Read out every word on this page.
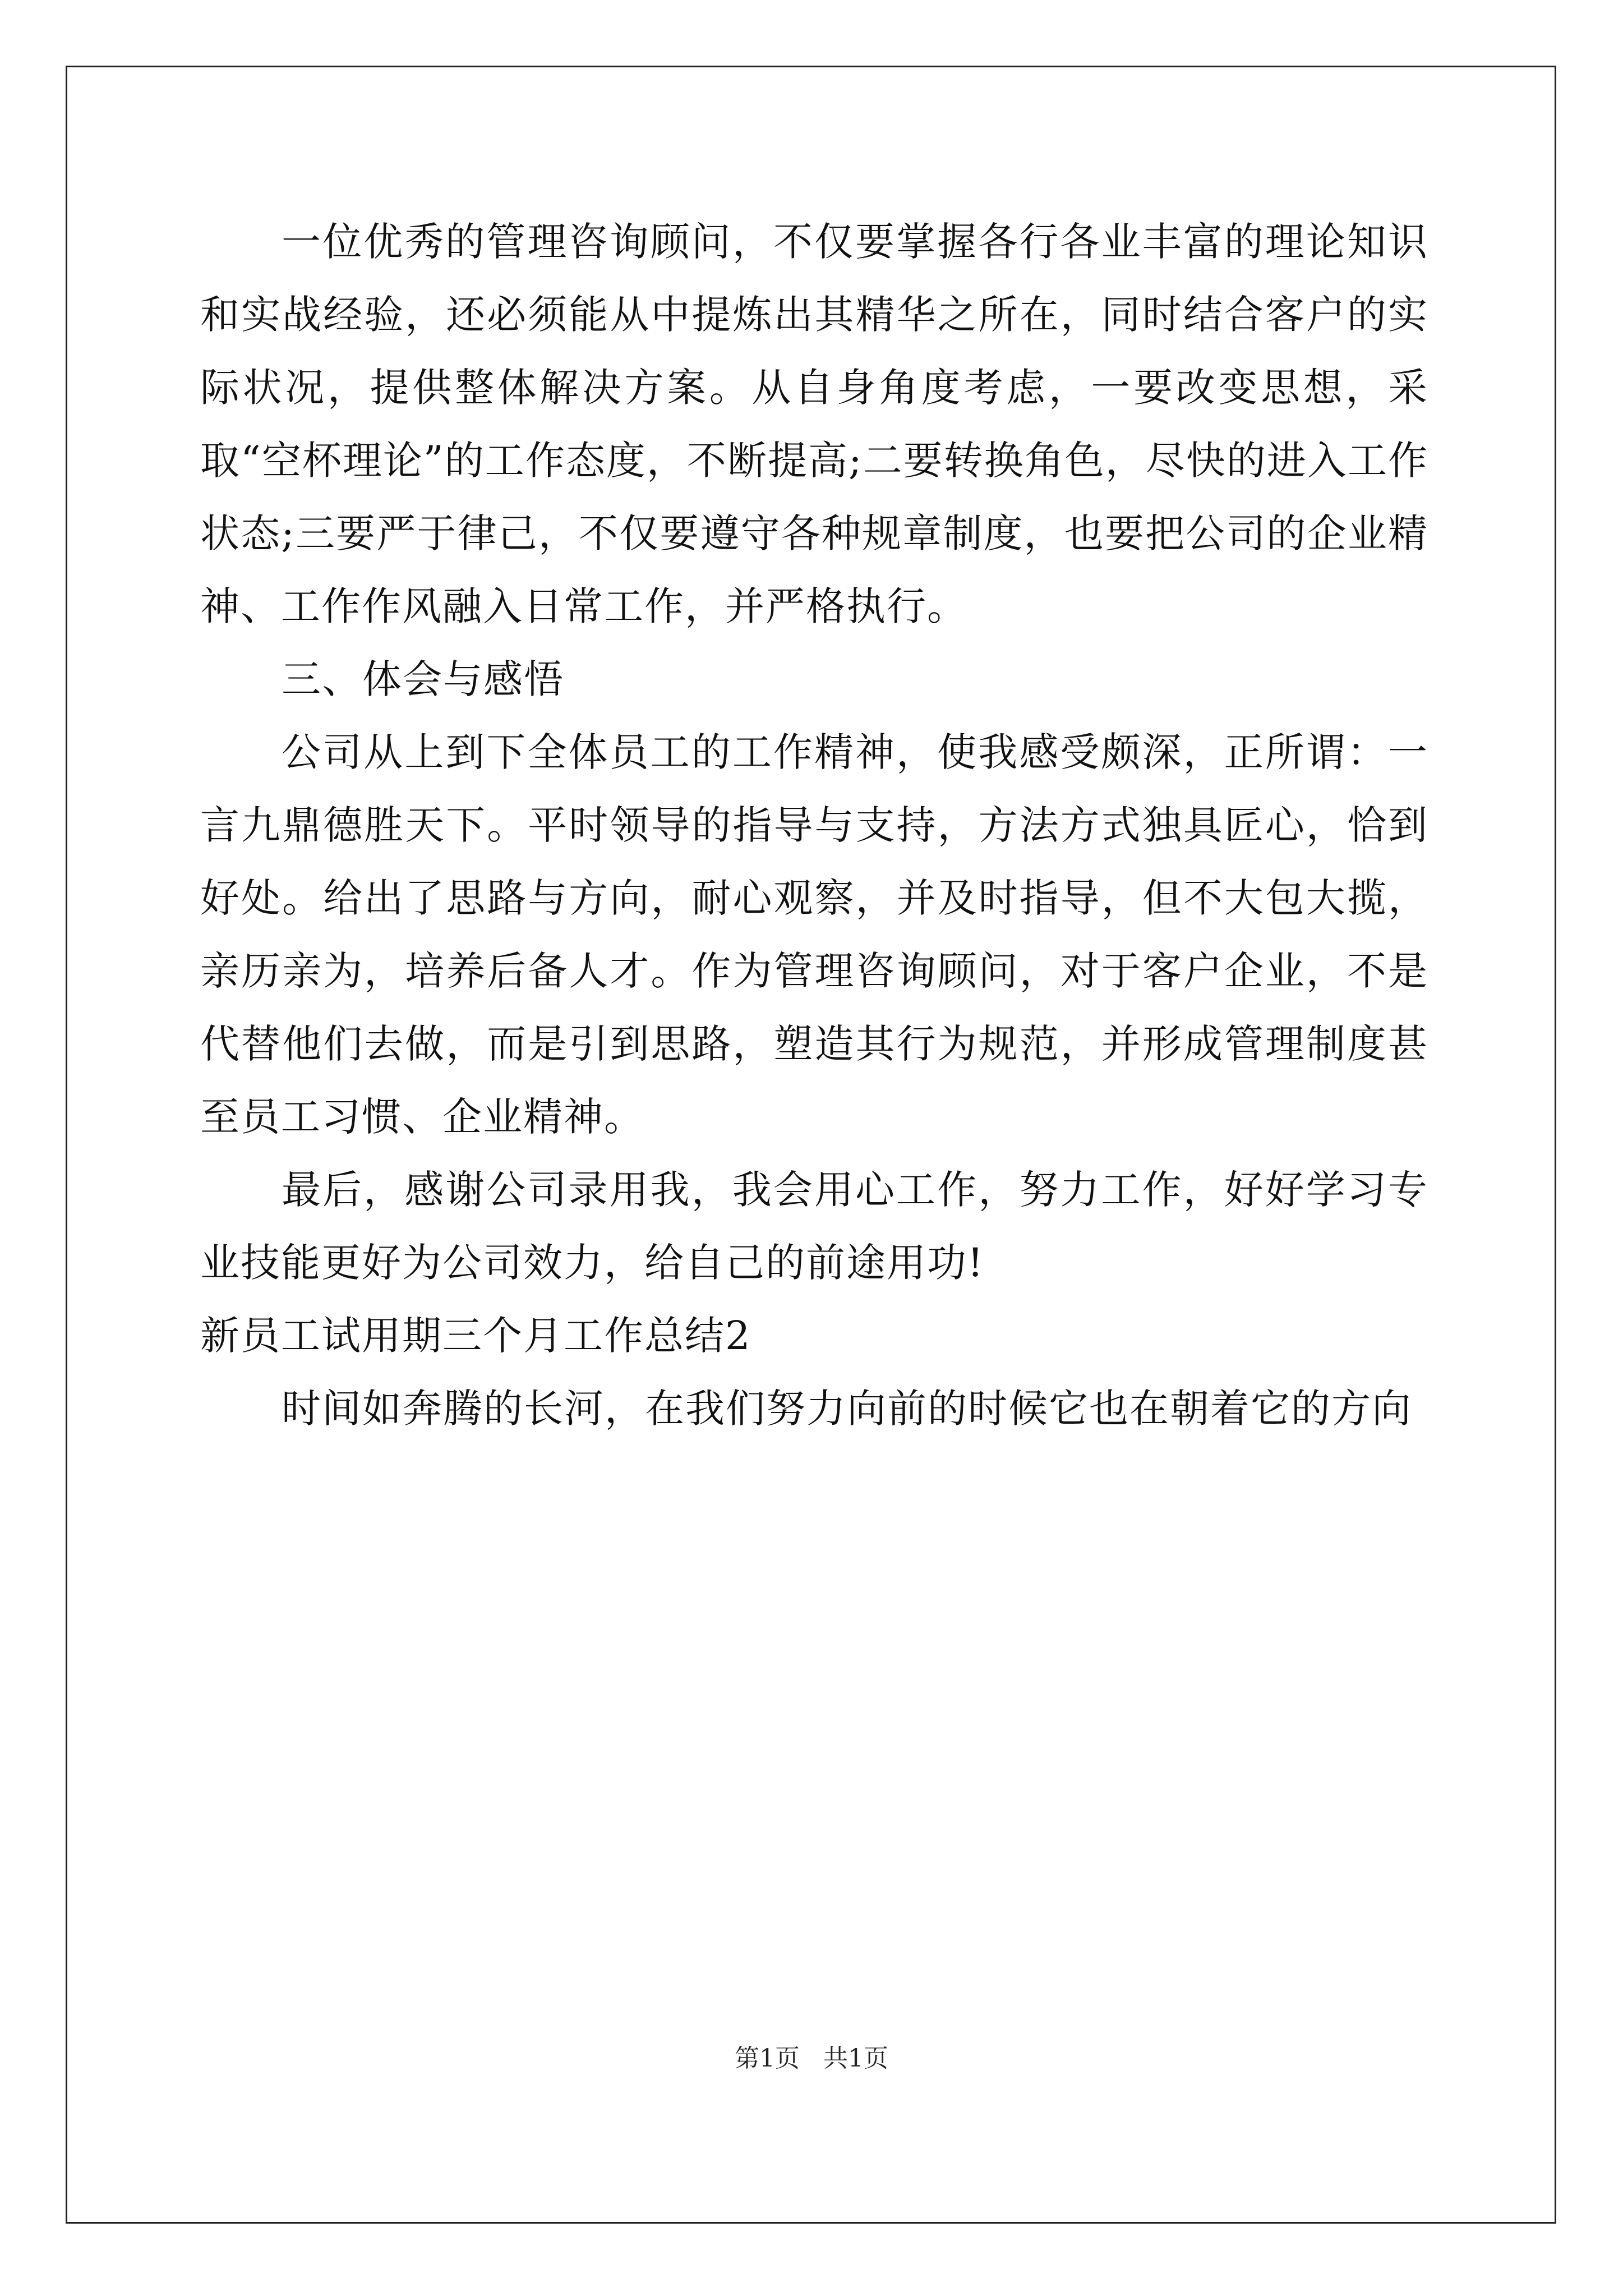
一位优秀的管理咨询顾问，不仅要掌握各行各业丰富的理论知识和实战经验，还必须能从中提炼出其精华之所在，同时结合客户的实际状况，提供整体解决方案。从自身角度考虑，一要改变思想，采取“空杯理论”的工作态度，不断提高;二要转换角色，尽快的进入工作状态;三要严于律己，不仅要遵守各种规章制度，也要把公司的企业精神、工作作风融入日常工作，并严格执行。

三、体会与感悟

公司从上到下全体员工的工作精神，使我感受颇深，正所谓：一言九鼎德胜天下。平时领导的指导与支持，方法方式独具匠心，恰到好处。给出了思路与方向，耐心观察，并及时指导，但不大包大揽，亲历亲为，培养后备人才。作为管理咨询顾问，对于客户企业，不是代替他们去做，而是引到思路，塑造其行为规范，并形成管理制度甚至员工习惯、企业精神。

最后，感谢公司录用我，我会用心工作，努力工作，好好学习专业技能更好为公司效力，给自己的前途用功!

新员工试用期三个月工作总结2

时间如奔腾的长河，在我们努力向前的时候它也在朝着它的方向

第1页 共1页
